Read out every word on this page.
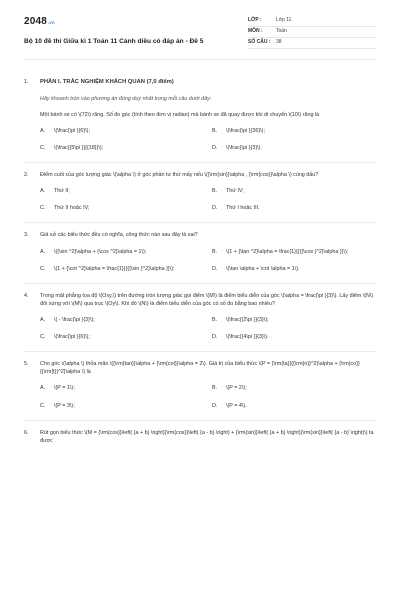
2048 .vn
Bộ 10 đề thi Giữa kì 1 Toán 11 Cánh diều có đáp án - Đề 5
LỚP :	Lớp 11
MÔN :	Toán
SỐ CÂU :	38
1.	PHẦN I. TRẮC NGHIỆM KHÁCH QUAN (7,0 điểm)
Hãy khoanh tròn vào phương án đúng duy nhất trong mỗi câu dưới đây:
Một bánh xe có \(72\) răng. Số đo góc (tính theo đơn vị radian) mà bánh xe đã quay được khi di chuyển \(10\) răng là
A.	\(\frac{\pi }{6}\);	B.	\(\frac{\pi }{36}\);
C.	\(\frac{{5\pi }}{{18}}\);	D.	\(\frac{\pi }{3}\).
2.	Điểm cuối của góc lượng giác \(\alpha \) ở góc phần tư thứ mấy nếu \({\rm{sin}}\alpha , {\rm{cos}}\alpha \) cùng dấu?
A.	Thứ II;	B.	Thứ IV;
C.	Thứ II hoặc IV;	D.	Thứ I hoặc III.
3.	Giả sử các biểu thức đều có nghĩa, công thức nào sau đây là sai?
A.	\({\sin ^2}\alpha + {\cos ^2}\alpha = 1\);	B.	\(1 + {\tan ^2}\alpha = \frac{1}{{{{\cos }^2}\alpha }}\);
C.	\(1 + {\cot ^2}\alpha = \frac{1}{{{{\sin }^2}\alpha }}\);	D.	\(\tan \alpha + \cot \alpha = 1\).
4.	Trong mặt phẳng tọa độ \(Oxy,\) trên đường tròn lượng giác gọi điểm \(M\) là điểm biểu diễn của góc \(\alpha = \frac{\pi }{3}\). Lấy điểm \(N\) đối xứng với \(M\) qua trục \(Oy\). Khi đó \(N\) là điểm biểu diễn của góc có số đo bằng bao nhiêu?
A.	\( - \frac{\pi }{3}\);	B.	\(\frac{{2\pi }}{3}\);
C.	\(\frac{\pi }{6}\);	D.	\(\frac{{4\pi }}{3}\).
5.	Cho góc \(\alpha \) thỏa mãn \({\rm{tan}}\alpha + {\rm{cot}}\alpha = 2\). Giá trị của biểu thức \(P = {\rm{ta}}{{\rm{n}}^2}\alpha + {\rm{co}}{{\rm{t}}^2}\alpha \) là
A.	\(P = 1\);	B.	\(P = 2\);
C.	\(P = 3\);	D.	\(P = 4\).
6.	Rút gọn biểu thức \(M = {\rm{cos}}\left( {a + b} \right){\rm{cos}}\left( {a - b} \right) + {\rm{sin}}\left( {a + b} \right){\rm{sin}}\left( {a - b} \right)\) ta được
